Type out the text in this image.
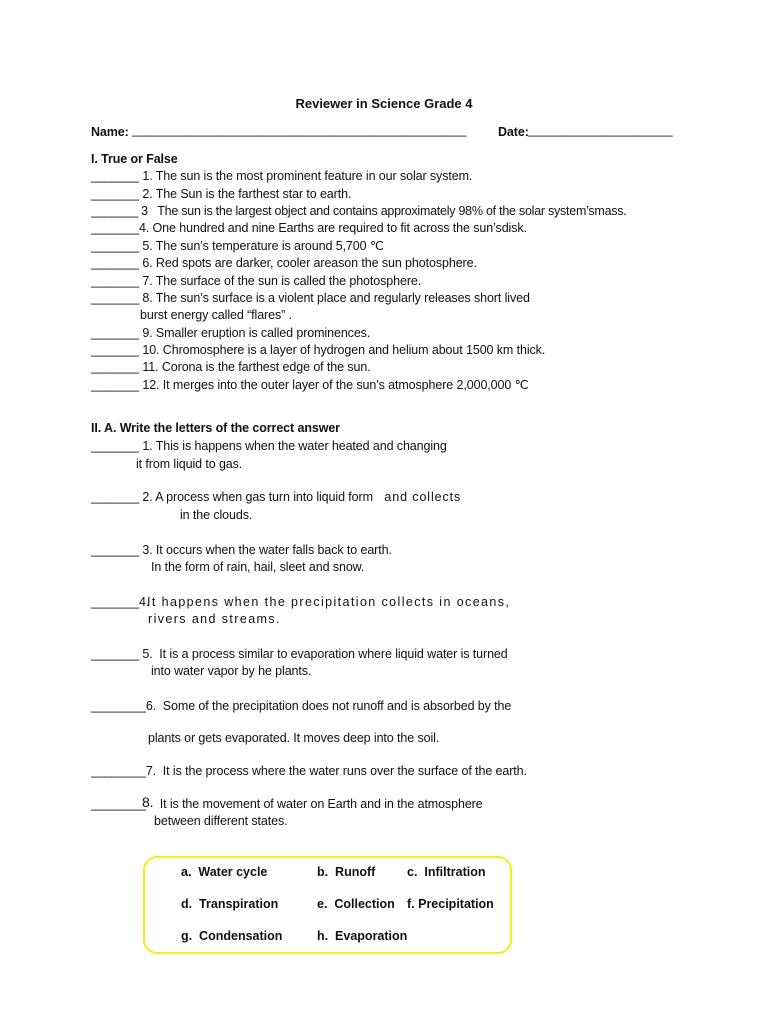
Reviewer in Science Grade 4
Name: ___________________________________________________	Date: ______________________
I. True or False
_______ 1. The sun is the most prominent feature in our solar system.
_______ 2. The Sun is the farthest star to earth.
_______ 3   The sun is the largest object and contains approximately 98% of the solar system’smass.
_______4. One hundred and nine Earths are required to fit across the sun’sdisk.
_______ 5. The sun’s temperature is around 5,700 ℃
_______ 6. Red spots are darker, cooler areason the sun photosphere.
_______ 7. The surface of the sun is called the photosphere.
_______ 8. The sun’s surface is a violent place and regularly releases short lived
burst energy called “flares” .
_______ 9. Smaller eruption is called prominences.
_______ 10. Chromosphere is a layer of hydrogen and helium about 1500 km thick.
_______ 11. Corona is the farthest edge of the sun.
_______ 12. It merges into the outer layer of the sun’s atmosphere 2,000,000 ℃
II. A. Write the letters of the correct answer
_______ 1. This is happens when the water heated and changing
it from liquid to gas.
_______ 2. A process when gas turn into liquid form and collects
in the clouds.
_______ 3. It occurs when the water falls back to earth.
In the form of rain, hail, sleet and snow.
_______4.
It happens when the precipitation collects in oceans,
rivers and streams.
_______ 5.  It is a process similar to evaporation where liquid water is turned
into water vapor by he plants.
________6.  Some of the precipitation does not runoff and is absorbed by the
plants or gets evaporated. It moves deep into the soil.
________7.  It is the process where the water runs over the surface of the earth.
________
8. It is the movement of water on Earth and in the atmosphere
between different states.
a.  Water cycle	b.  Runoff	c.  Infiltration
d.  Transpiration	e.  Collection f. Precipitation
g.  Condensation	h.  Evaporation
